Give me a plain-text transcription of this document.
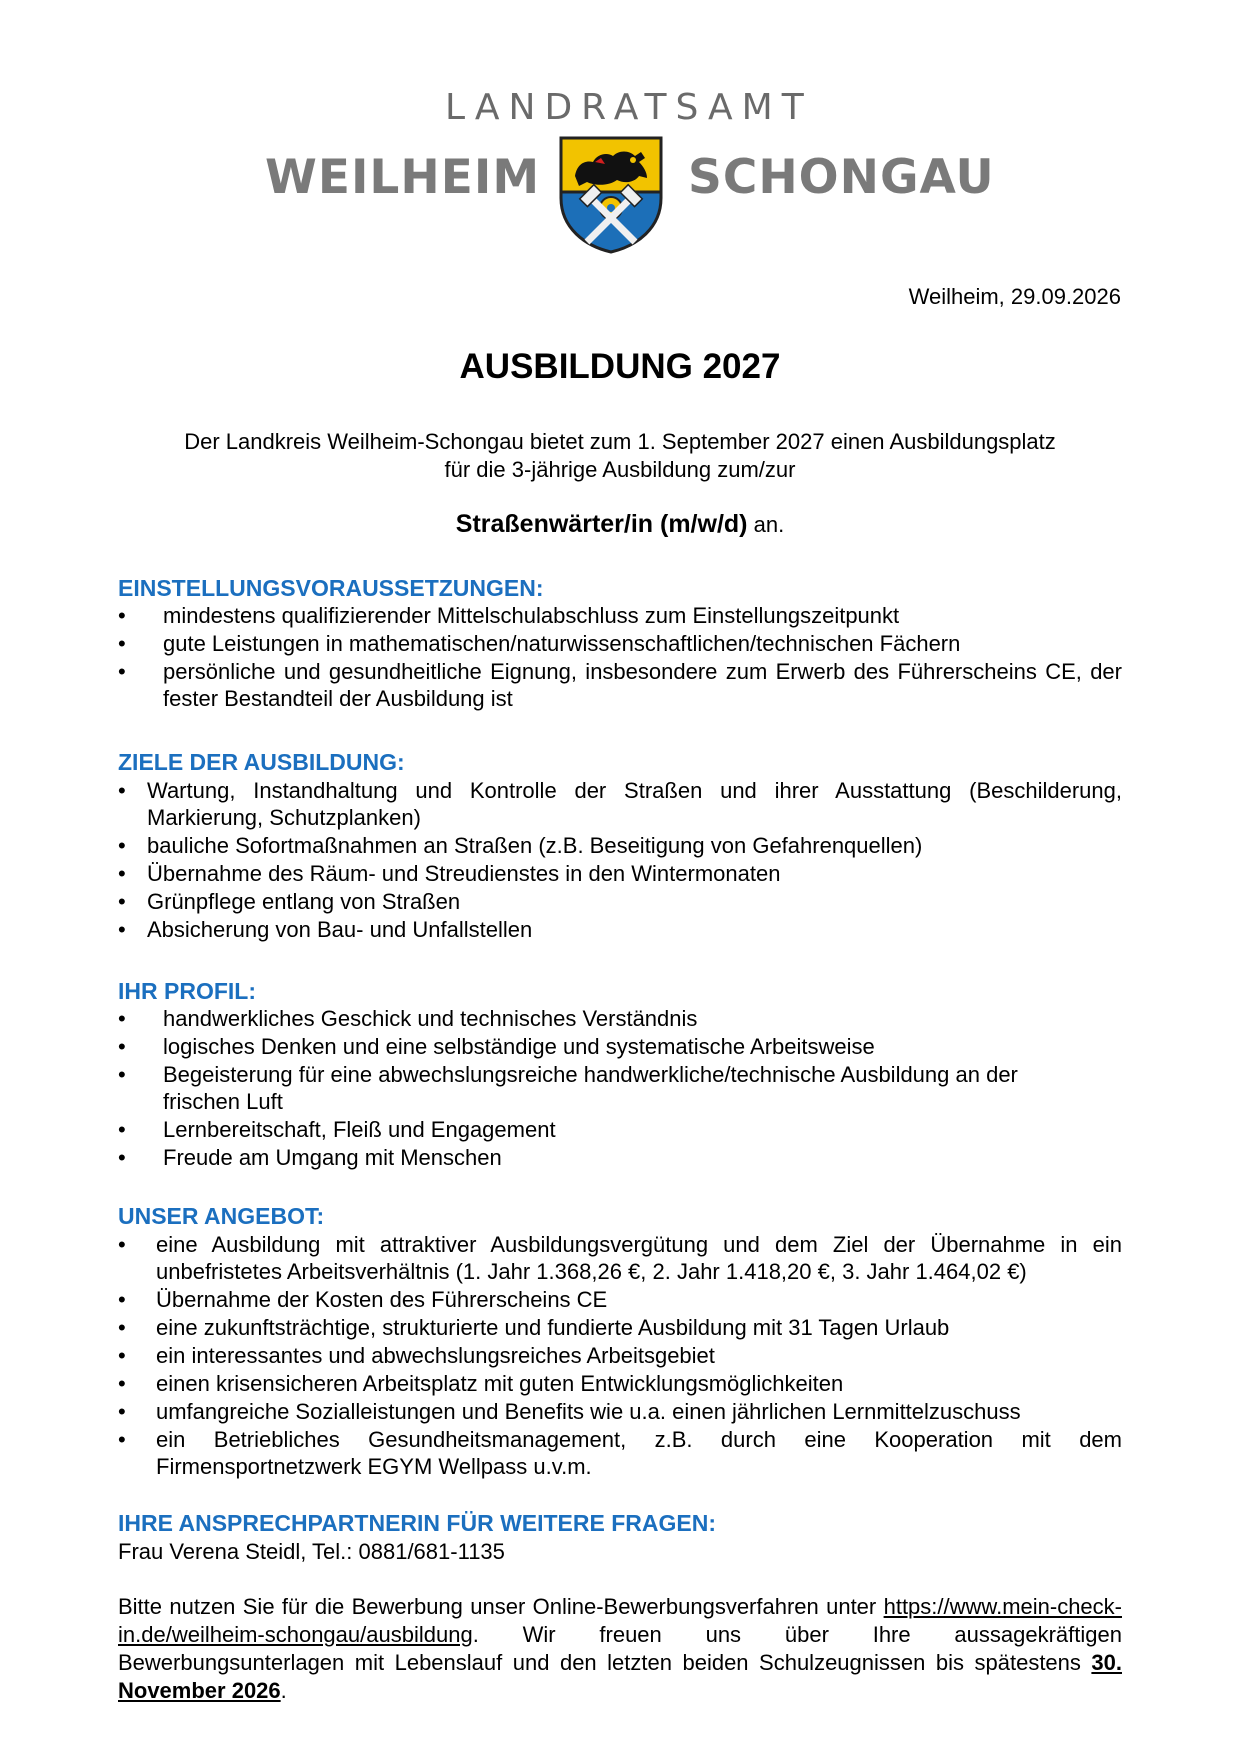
LANDRATSAMT
WEILHEIM	SCHONGAU
Weilheim, 29.09.2026
AUSBILDUNG 2027
Der Landkreis Weilheim-Schongau bietet zum 1. September 2027 einen Ausbildungsplatz
für die 3-jährige Ausbildung zum/zur
Straßenwärter/in (m/w/d) an.
EINSTELLUNGSVORAUSSETZUNGEN:
• mindestens qualifizierender Mittelschulabschluss zum Einstellungszeitpunkt
• gute Leistungen in mathematischen/naturwissenschaftlichen/technischen Fächern
• persönliche und gesundheitliche Eignung, insbesondere zum Erwerb des Führerscheins CE, der fester Bestandteil der Ausbildung ist
ZIELE DER AUSBILDUNG:
• Wartung, Instandhaltung und Kontrolle der Straßen und ihrer Ausstattung (Beschilderung, Markierung, Schutzplanken)
• bauliche Sofortmaßnahmen an Straßen (z.B. Beseitigung von Gefahrenquellen)
• Übernahme des Räum- und Streudienstes in den Wintermonaten
• Grünpflege entlang von Straßen
• Absicherung von Bau- und Unfallstellen
IHR PROFIL:
• handwerkliches Geschick und technisches Verständnis
• logisches Denken und eine selbständige und systematische Arbeitsweise
• Begeisterung für eine abwechslungsreiche handwerkliche/technische Ausbildung an der frischen Luft
• Lernbereitschaft, Fleiß und Engagement
• Freude am Umgang mit Menschen
UNSER ANGEBOT:
• eine Ausbildung mit attraktiver Ausbildungsvergütung und dem Ziel der Übernahme in ein unbefristetes Arbeitsverhältnis (1. Jahr 1.368,26 €, 2. Jahr 1.418,20 €, 3. Jahr 1.464,02 €)
• Übernahme der Kosten des Führerscheins CE
• eine zukunftsträchtige, strukturierte und fundierte Ausbildung mit 31 Tagen Urlaub
• ein interessantes und abwechslungsreiches Arbeitsgebiet
• einen krisensicheren Arbeitsplatz mit guten Entwicklungsmöglichkeiten
• umfangreiche Sozialleistungen und Benefits wie u.a. einen jährlichen Lernmittelzuschuss
• ein Betriebliches Gesundheitsmanagement, z.B. durch eine Kooperation mit dem Firmensportnetzwerk EGYM Wellpass u.v.m.
IHRE ANSPRECHPARTNERIN FÜR WEITERE FRAGEN:
Frau Verena Steidl, Tel.: 0881/681-1135
Bitte nutzen Sie für die Bewerbung unser Online-Bewerbungsverfahren unter https://www.mein-check-in.de/weilheim-schongau/ausbildung. Wir freuen uns über Ihre aussagekräftigen Bewerbungsunterlagen mit Lebenslauf und den letzten beiden Schulzeugnissen bis spätestens 30. November 2026.
